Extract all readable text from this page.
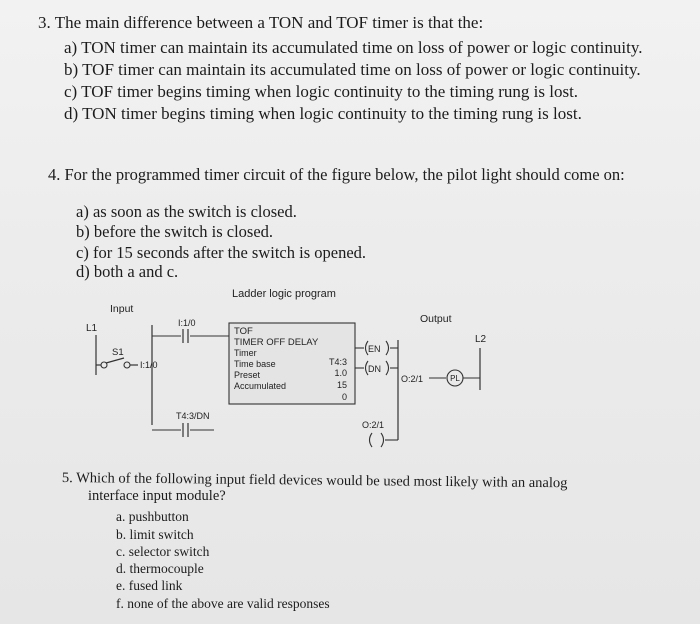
3. The main difference between a TON and TOF timer is that the:
a) TON timer can maintain its accumulated time on loss of power or logic continuity.
b) TOF timer can maintain its accumulated time on loss of power or logic continuity.
c) TOF timer begins timing when logic continuity to the timing rung is lost.
d) TON timer begins timing when logic continuity to the timing rung is lost.
4. For the programmed timer circuit of the figure below, the pilot light should come on:
a) as soon as the switch is closed.
b) before the switch is closed.
c) for 15 seconds after the switch is opened.
d) both a and c.
Ladder logic program
Input
Output
L1
L2
S1
I:1/0
I:1/0
TOF
TIMER OFF DELAY
Timer
T4:3
Time base
1.0
Preset
15
Accumulated
0
EN
DN
T4:3/DN
O:2/1
O:2/1	PL
5. Which of the following input field devices would be used most likely with an analog
interface input module?
a. pushbutton
b. limit switch
c. selector switch
d. thermocouple
e. fused link
f. none of the above are valid responses
